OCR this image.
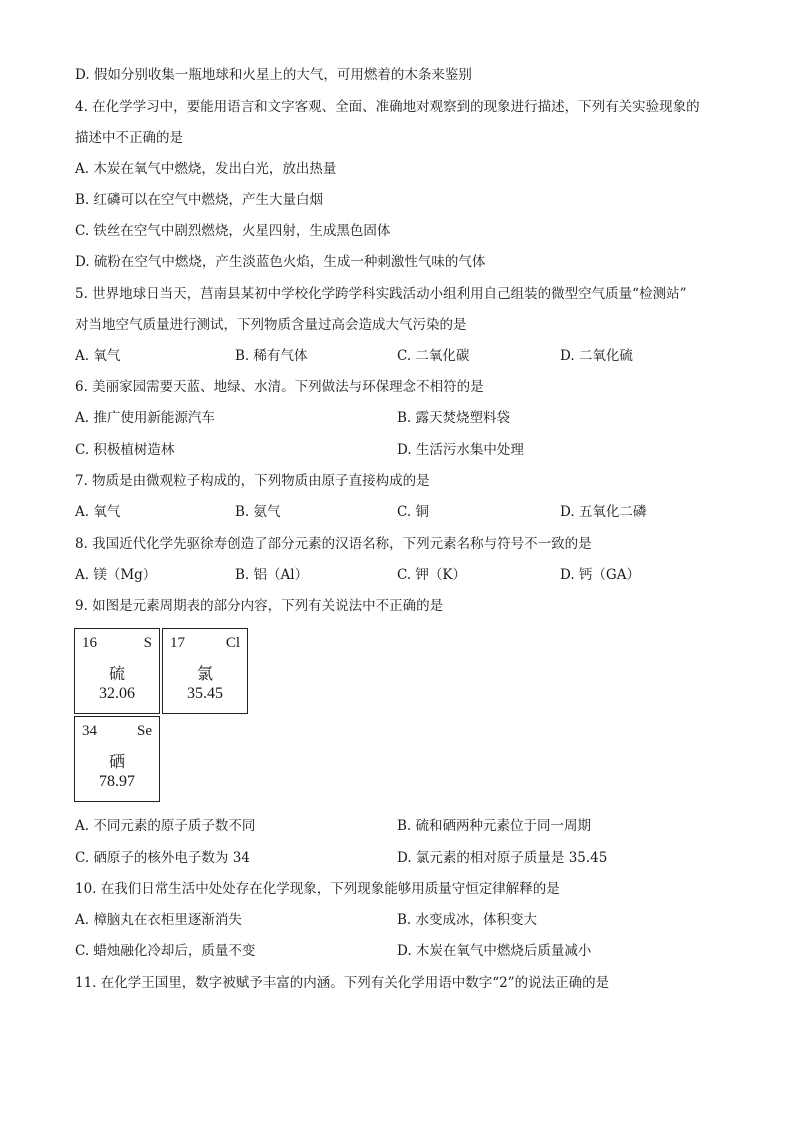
D. 假如分别收集一瓶地球和火星上的大气，可用燃着的木条来鉴别
4. 在化学学习中，要能用语言和文字客观、全面、准确地对观察到的现象进行描述，下列有关实验现象的
描述中不正确的是
A. 木炭在氧气中燃烧，发出白光，放出热量
B. 红磷可以在空气中燃烧，产生大量白烟
C. 铁丝在空气中剧烈燃烧，火星四射，生成黑色固体
D. 硫粉在空气中燃烧，产生淡蓝色火焰，生成一种刺激性气味的气体
5. 世界地球日当天，莒南县某初中学校化学跨学科实践活动小组利用自己组装的微型空气质量“检测站”
对当地空气质量进行测试，下列物质含量过高会造成大气污染的是
A. 氧气	B. 稀有气体	C. 二氧化碳	D. 二氧化硫
6. 美丽家园需要天蓝、地绿、水清。下列做法与环保理念不相符的是
A. 推广使用新能源汽车	B. 露天焚烧塑料袋
C. 积极植树造林	D. 生活污水集中处理
7. 物质是由微观粒子构成的，下列物质由原子直接构成的是
A. 氧气	B. 氨气	C. 铜	D. 五氧化二磷
8. 我国近代化学先驱徐寿创造了部分元素的汉语名称，下列元素名称与符号不一致的是
A. 镁（Mg）	B. 铝（Al）	C. 钾（K）	D. 钙（GA）
9. 如图是元素周期表的部分内容，下列有关说法中不正确的是
16	S
硫
32.06
17	Cl
氯
35.45
34	Se
硒
78.97
A. 不同元素的原子质子数不同	B. 硫和硒两种元素位于同一周期
C. 硒原子的核外电子数为 34	D. 氯元素的相对原子质量是 35.45
10. 在我们日常生活中处处存在化学现象，下列现象能够用质量守恒定律解释的是
A. 樟脑丸在衣柜里逐渐消失	B. 水变成冰，体积变大
C. 蜡烛融化冷却后，质量不变	D. 木炭在氧气中燃烧后质量减小
11. 在化学王国里，数字被赋予丰富的内涵。下列有关化学用语中数字“2”的说法正确的是
